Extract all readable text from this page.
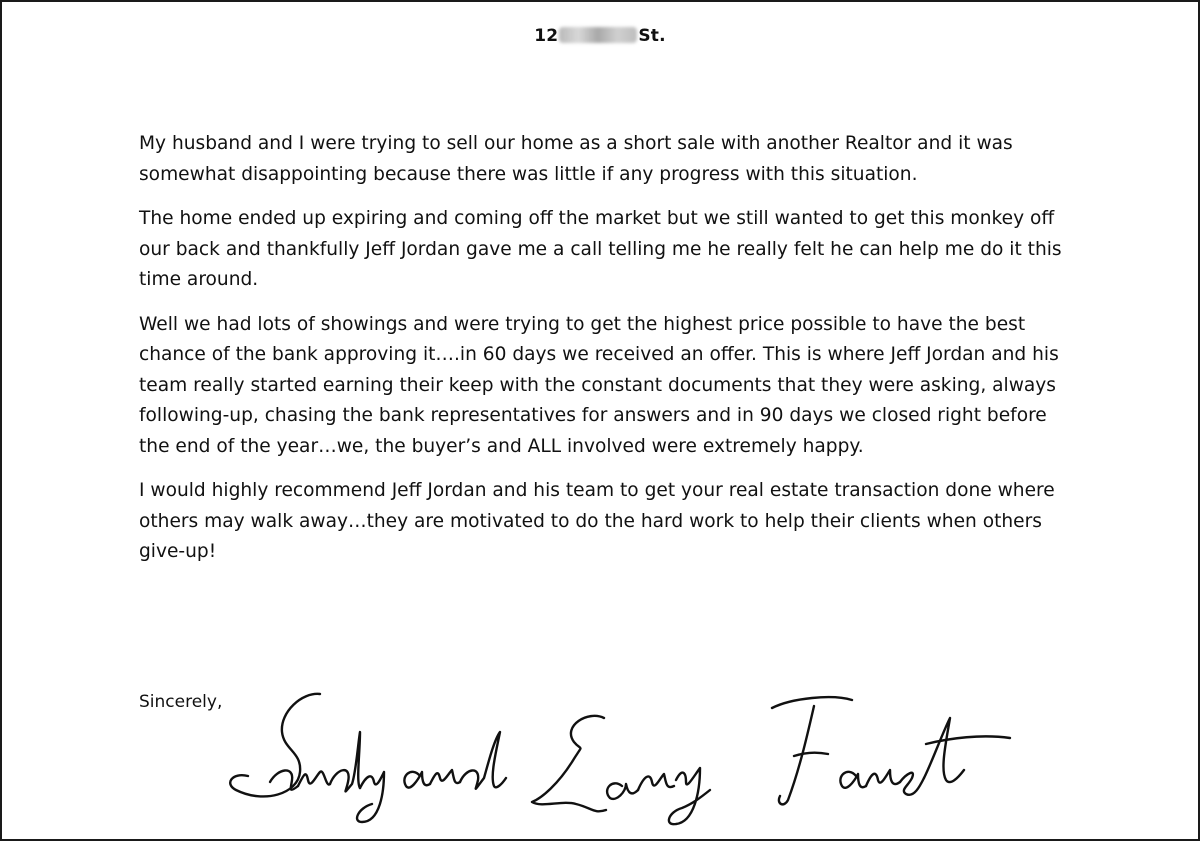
12	St.

My husband and I were trying to sell our home as a short sale with another Realtor and it was somewhat disappointing because there was little if any progress with this situation.

The home ended up expiring and coming off the market but we still wanted to get this monkey off our back and thankfully Jeff Jordan gave me a call telling me he really felt he can help me do it this time around.

Well we had lots of showings and were trying to get the highest price possible to have the best chance of the bank approving it….in 60 days we received an offer. This is where Jeff Jordan and his team really started earning their keep with the constant documents that they were asking, always following-up, chasing the bank representatives for answers and in 90 days we closed right before the end of the year…we, the buyer’s and ALL involved were extremely happy.

I would highly recommend Jeff Jordan and his team to get your real estate transaction done where others may walk away…they are motivated to do the hard work to help their clients when others give-up!

Sincerely,
